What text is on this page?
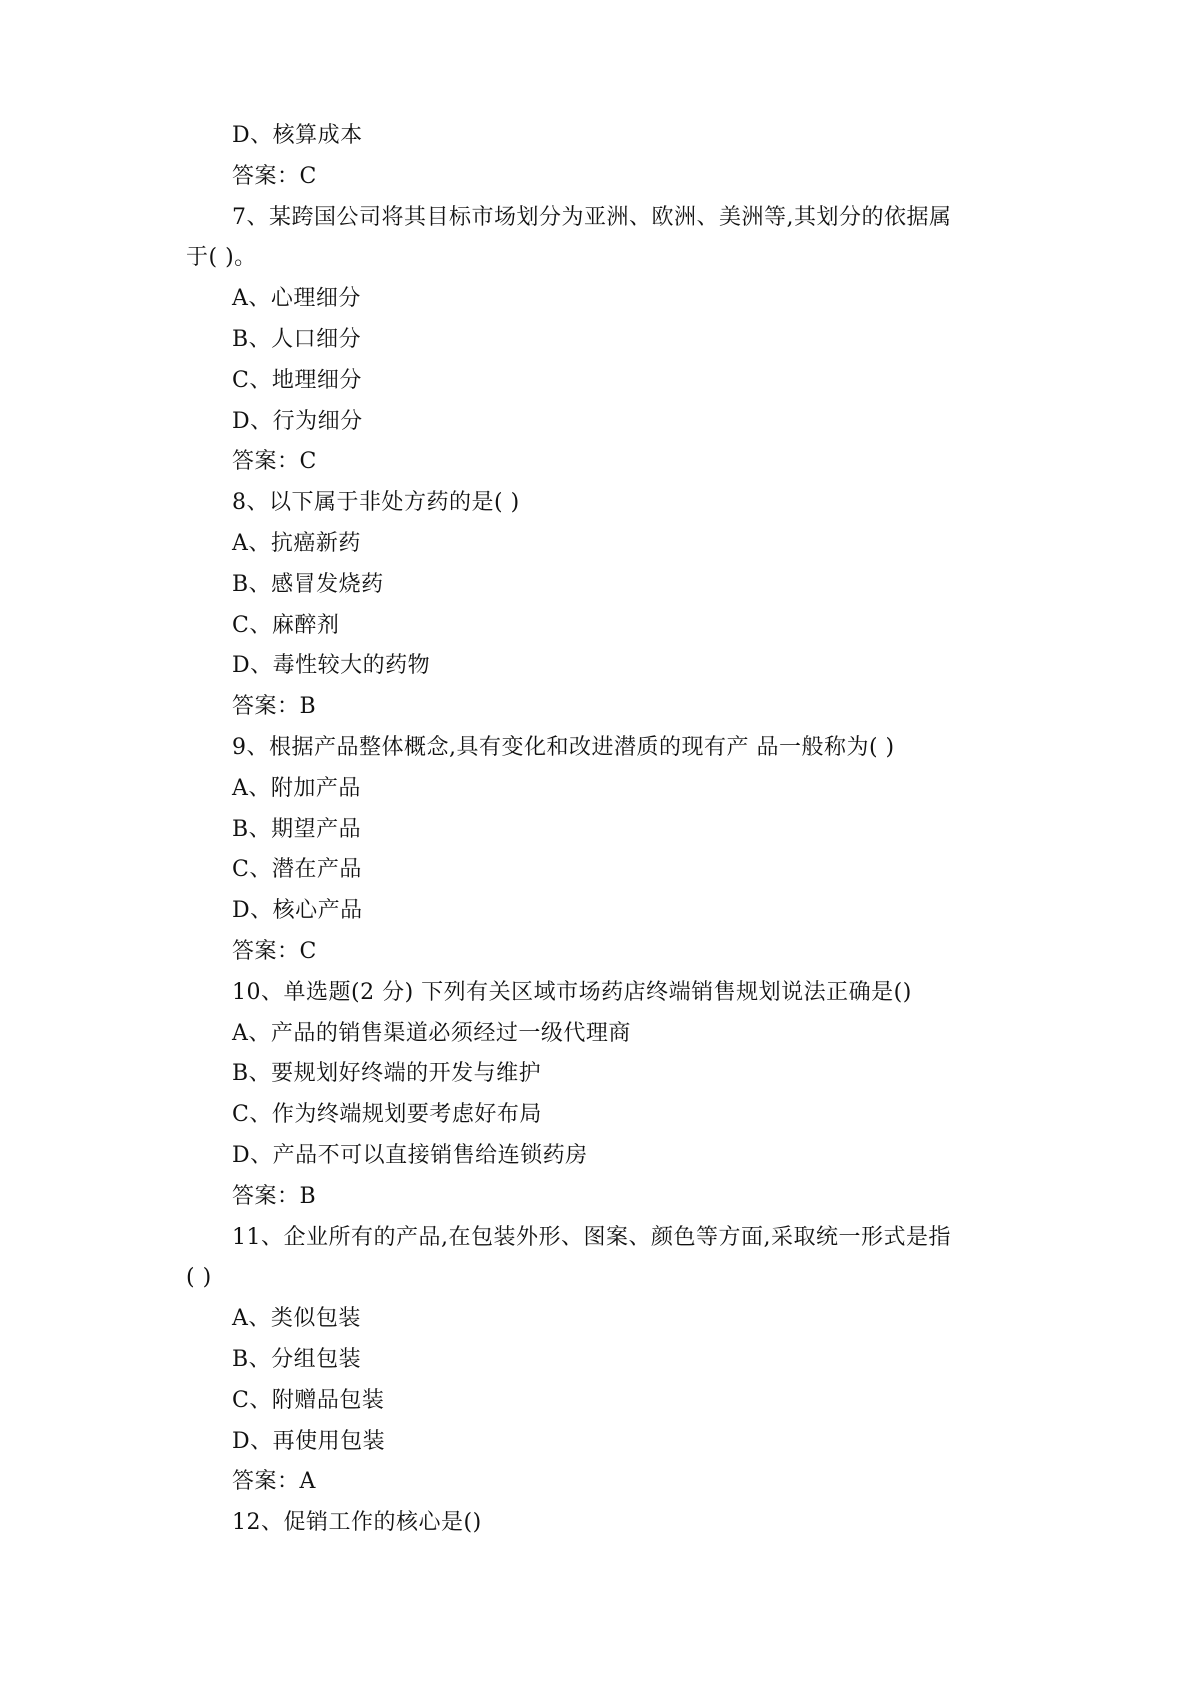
D、核算成本
答案：C
7、某跨国公司将其目标市场划分为亚洲、欧洲、美洲等,其划分的依据属
于( )。
A、心理细分
B、人口细分
C、地理细分
D、行为细分
答案：C
8、以下属于非处方药的是( )
A、抗癌新药
B、感冒发烧药
C、麻醉剂
D、毒性较大的药物
答案：B
9、根据产品整体概念,具有变化和改进潜质的现有产 品一般称为( )
A、附加产品
B、期望产品
C、潜在产品
D、核心产品
答案：C
10、单选题(2 分) 下列有关区域市场药店终端销售规划说法正确是()
A、产品的销售渠道必须经过一级代理商
B、要规划好终端的开发与维护
C、作为终端规划要考虑好布局
D、产品不可以直接销售给连锁药房
答案：B
11、企业所有的产品,在包装外形、图案、颜色等方面,采取统一形式是指
( )
A、类似包装
B、分组包装
C、附赠品包装
D、再使用包装
答案：A
12、促销工作的核心是()
